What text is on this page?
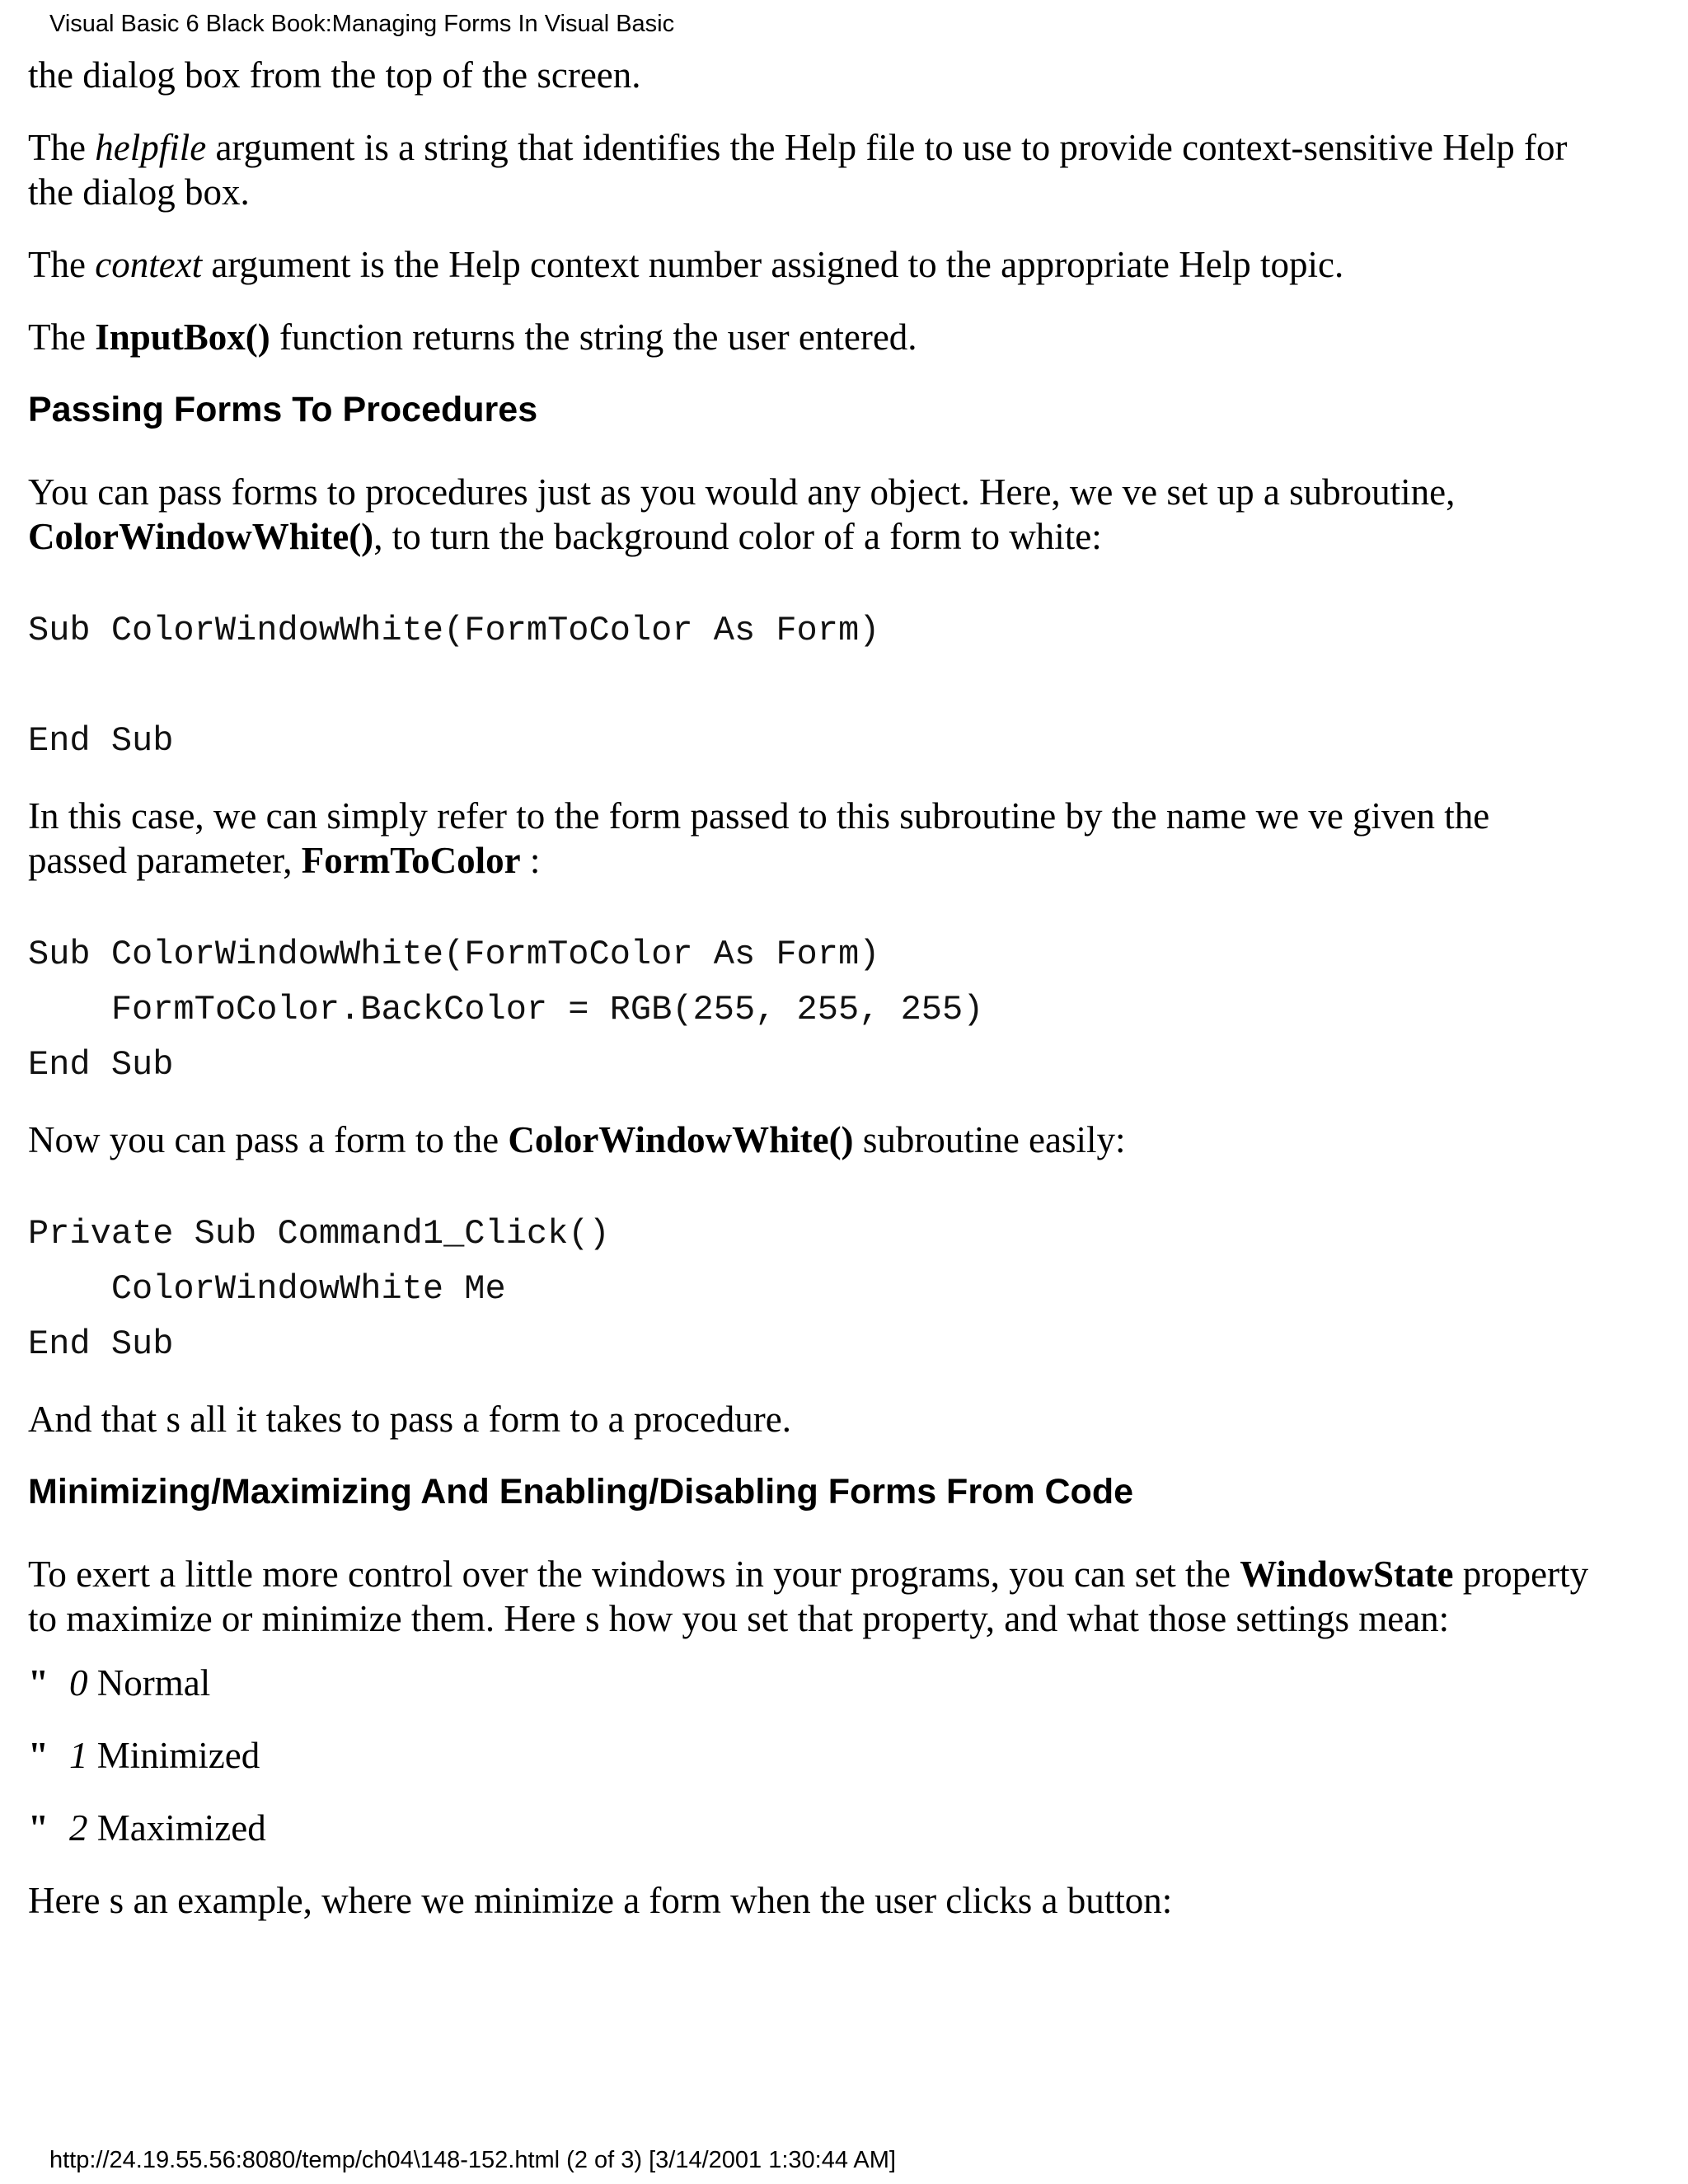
Visual Basic 6 Black Book:Managing Forms In Visual Basic

the dialog box from the top of the screen.

The helpfile argument is a string that identifies the Help file to use to provide context-sensitive Help for the dialog box.

The context argument is the Help context number assigned to the appropriate Help topic.

The InputBox() function returns the string the user entered.

Passing Forms To Procedures

You can pass forms to procedures just as you would any object. Here, we ve set up a subroutine, ColorWindowWhite(), to turn the background color of a form to white:

Sub ColorWindowWhite(FormToColor As Form)
End Sub

In this case, we can simply refer to the form passed to this subroutine by the name we ve given the passed parameter, FormToColor :

Sub ColorWindowWhite(FormToColor As Form)
FormToColor.BackColor = RGB(255, 255, 255)
End Sub

Now you can pass a form to the ColorWindowWhite() subroutine easily:

Private Sub Command1_Click()
ColorWindowWhite Me
End Sub

And that s all it takes to pass a form to a procedure.

Minimizing/Maximizing And Enabling/Disabling Forms From Code

To exert a little more control over the windows in your programs, you can set the WindowState property to maximize or minimize them. Here s how you set that property, and what those settings mean:

" 0 Normal
" 1 Minimized
" 2 Maximized

Here s an example, where we minimize a form when the user clicks a button:

http://24.19.55.56:8080/temp/ch04\148-152.html (2 of 3) [3/14/2001 1:30:44 AM]
